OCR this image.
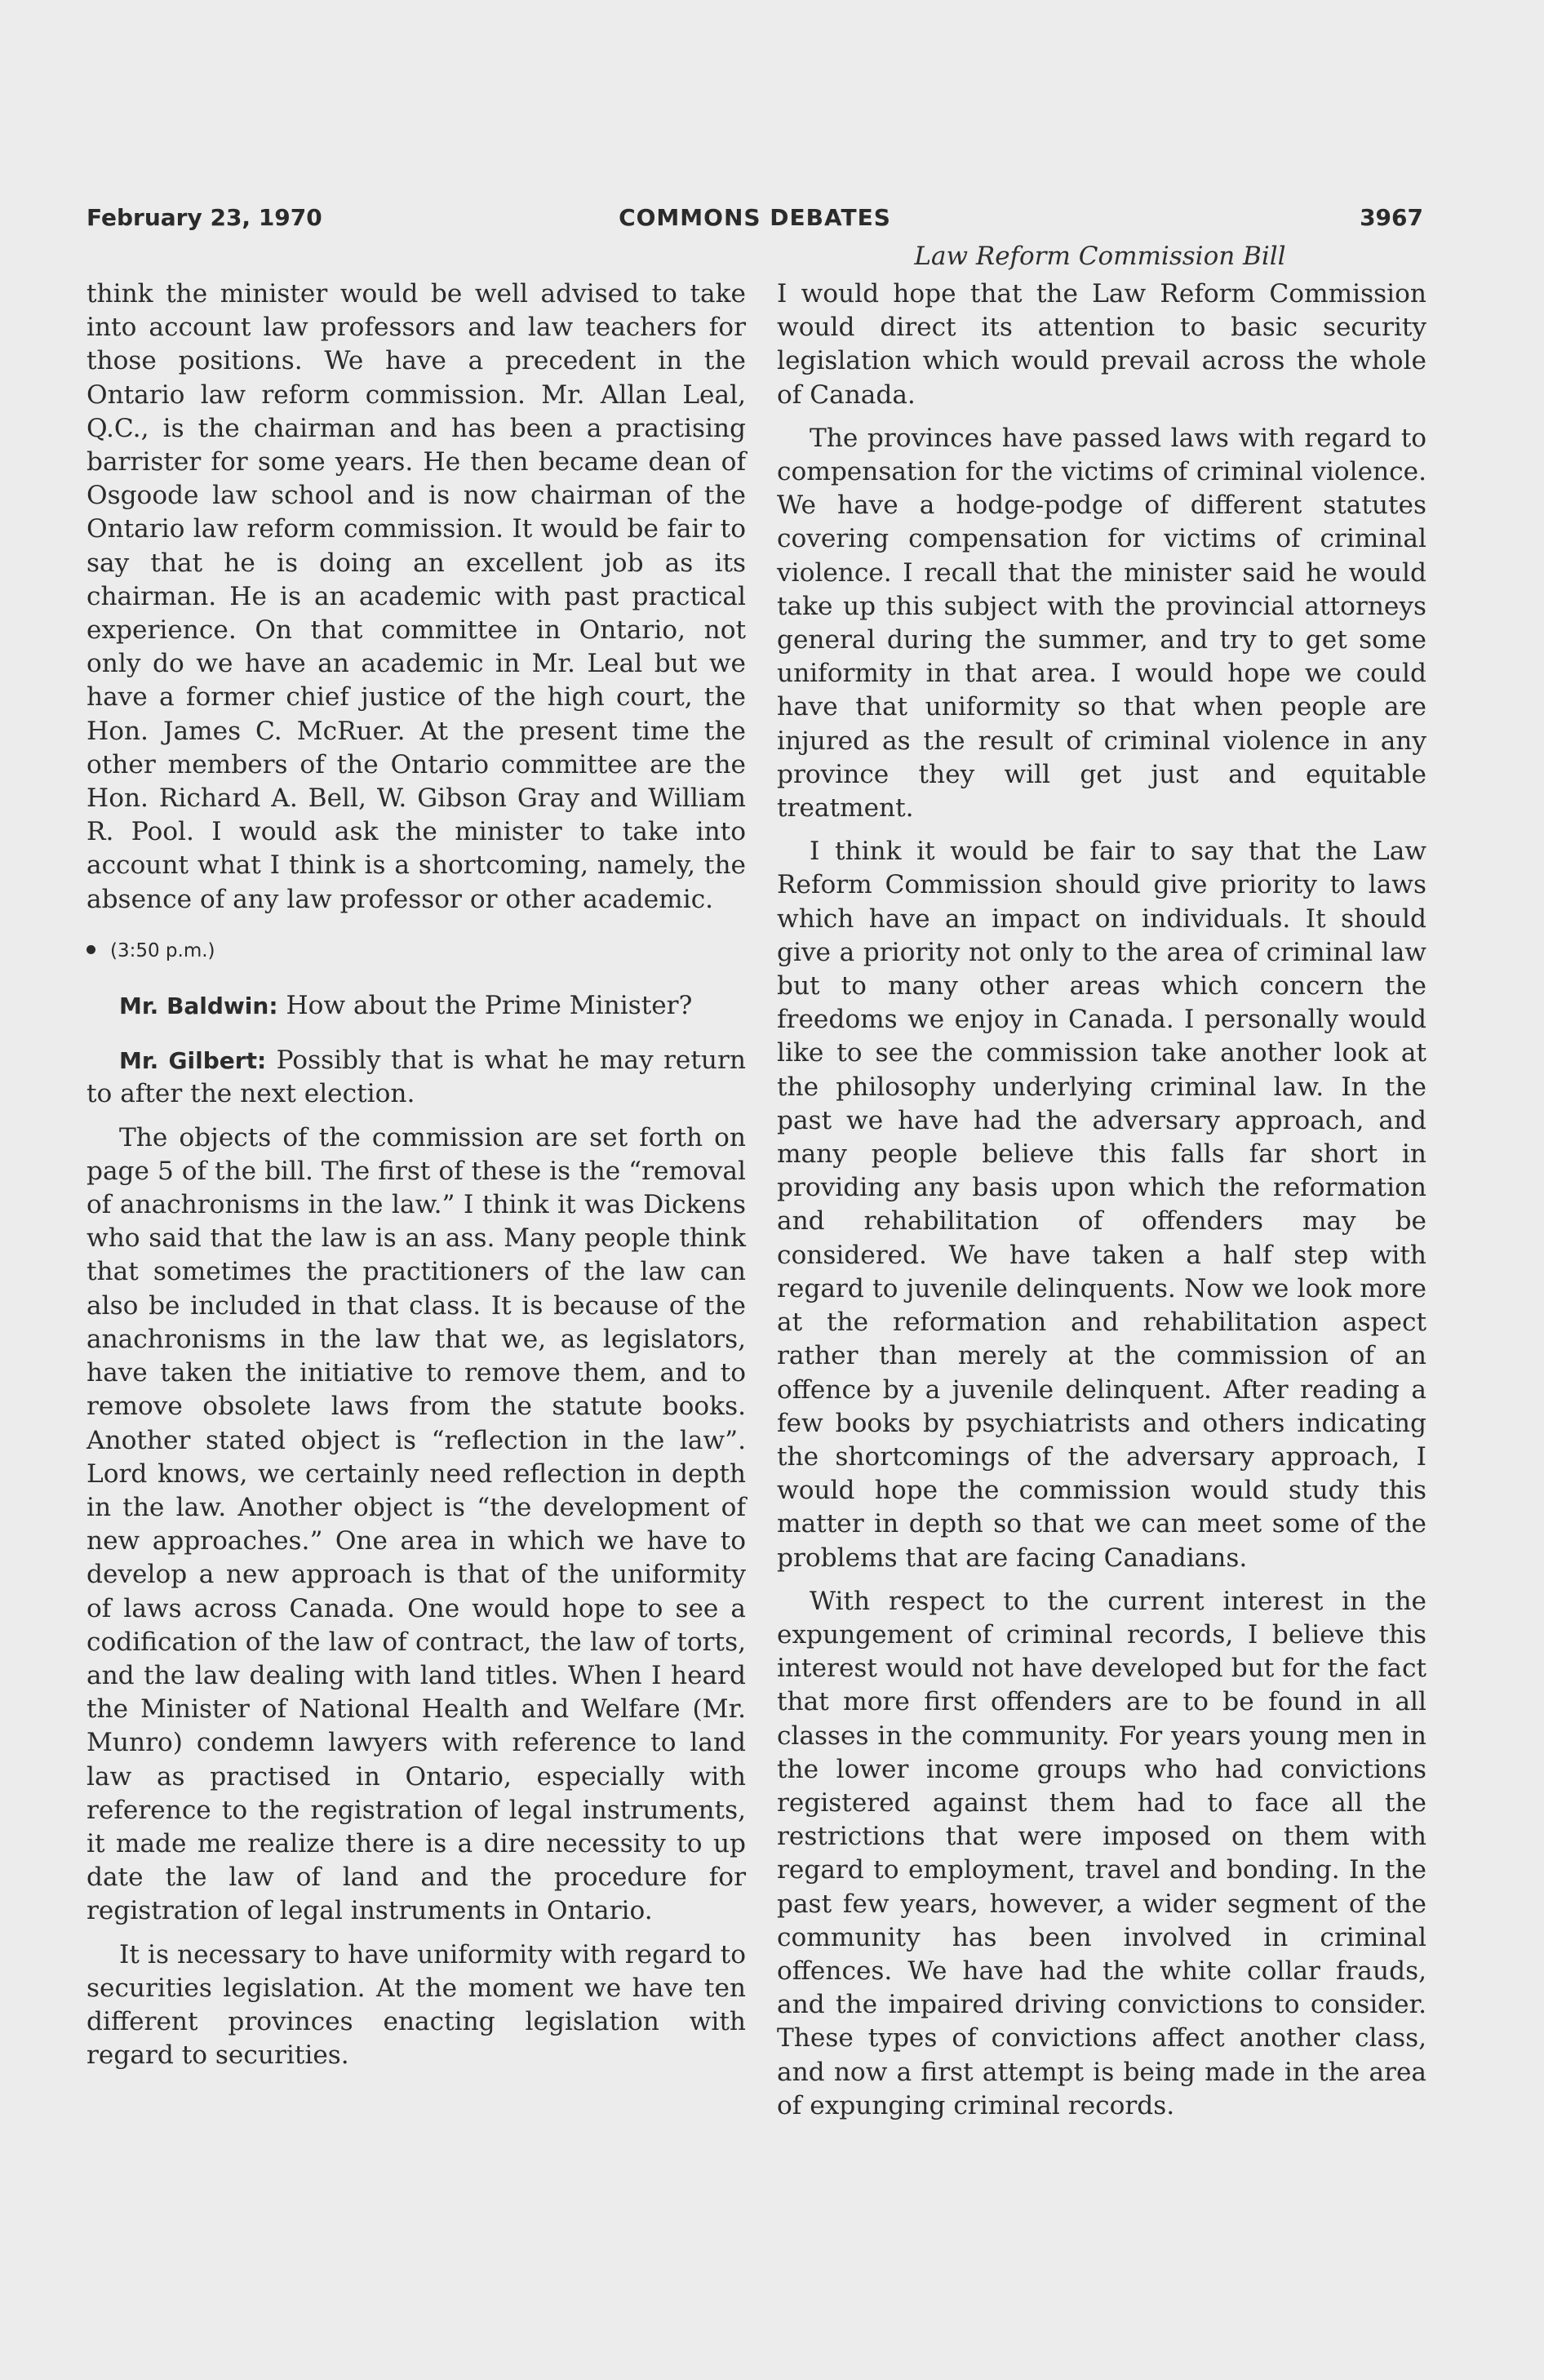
February 23, 1970	COMMONS DEBATES	3967
Law Reform Commission Bill

think the minister would be well advised to take into account law professors and law teachers for those positions. We have a precedent in the Ontario law reform commission. Mr. Allan Leal, Q.C., is the chairman and has been a practising barrister for some years. He then became dean of Osgoode law school and is now chairman of the Ontario law reform commission. It would be fair to say that he is doing an excellent job as its chairman. He is an academic with past practical experience. On that committee in Ontario, not only do we have an academic in Mr. Leal but we have a former chief justice of the high court, the Hon. James C. McRuer. At the present time the other members of the Ontario committee are the Hon. Richard A. Bell, W. Gibson Gray and William R. Pool. I would ask the minister to take into account what I think is a shortcoming, namely, the absence of any law professor or other academic.

(3:50 p.m.)

Mr. Baldwin: How about the Prime Minister?

Mr. Gilbert: Possibly that is what he may return to after the next election.

The objects of the commission are set forth on page 5 of the bill. The first of these is the “removal of anachronisms in the law.” I think it was Dickens who said that the law is an ass. Many people think that sometimes the practitioners of the law can also be included in that class. It is because of the anachronisms in the law that we, as legislators, have taken the initiative to remove them, and to remove obsolete laws from the statute books. Another stated object is “reflection in the law”. Lord knows, we certainly need reflection in depth in the law. Another object is “the development of new approaches.” One area in which we have to develop a new approach is that of the uniformity of laws across Canada. One would hope to see a codification of the law of contract, the law of torts, and the law dealing with land titles. When I heard the Minister of National Health and Welfare (Mr. Munro) condemn lawyers with reference to land law as practised in Ontario, especially with reference to the registration of legal instruments, it made me realize there is a dire necessity to up date the law of land and the procedure for registration of legal instruments in Ontario.

It is necessary to have uniformity with regard to securities legislation. At the moment we have ten different provinces enacting legislation with regard to securities.

I would hope that the Law Reform Commission would direct its attention to basic security legislation which would prevail across the whole of Canada.

The provinces have passed laws with regard to compensation for the victims of criminal violence. We have a hodge-podge of different statutes covering compensation for victims of criminal violence. I recall that the minister said he would take up this subject with the provincial attorneys general during the summer, and try to get some uniformity in that area. I would hope we could have that uniformity so that when people are injured as the result of criminal violence in any province they will get just and equitable treatment.

I think it would be fair to say that the Law Reform Commission should give priority to laws which have an impact on individuals. It should give a priority not only to the area of criminal law but to many other areas which concern the freedoms we enjoy in Canada. I personally would like to see the commission take another look at the philosophy underlying criminal law. In the past we have had the adversary approach, and many people believe this falls far short in providing any basis upon which the reformation and rehabilitation of offenders may be considered. We have taken a half step with regard to juvenile delinquents. Now we look more at the reformation and rehabilitation aspect rather than merely at the commission of an offence by a juvenile delinquent. After reading a few books by psychiatrists and others indicating the shortcomings of the adversary approach, I would hope the commission would study this matter in depth so that we can meet some of the problems that are facing Canadians.

With respect to the current interest in the expungement of criminal records, I believe this interest would not have developed but for the fact that more first offenders are to be found in all classes in the community. For years young men in the lower income groups who had convictions registered against them had to face all the restrictions that were imposed on them with regard to employment, travel and bonding. In the past few years, however, a wider segment of the community has been involved in criminal offences. We have had the white collar frauds, and the impaired driving convictions to consider. These types of convictions affect another class, and now a first attempt is being made in the area of expunging criminal records.
